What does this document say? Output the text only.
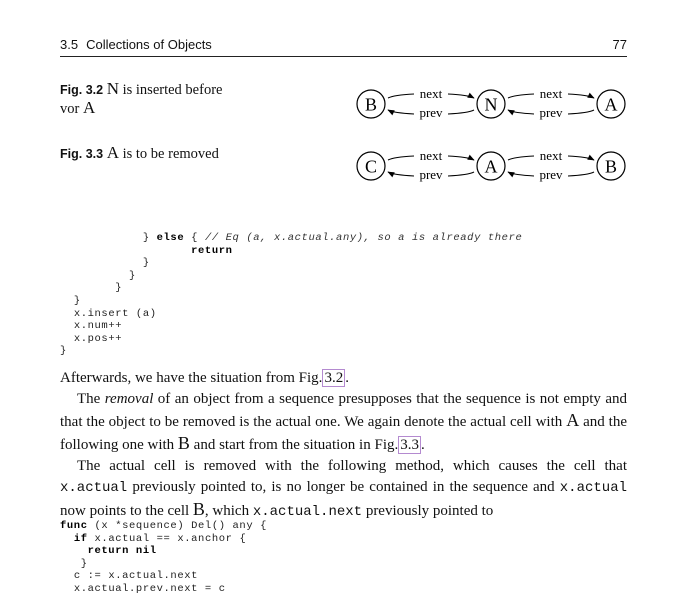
3.5 Collections of Objects	77
Fig. 3.2 N is inserted before vor A	B	N	A
next
prev
next
prev
Fig. 3.3 A is to be removed
C	A	B
next
prev
next
prev
} else { // Eq (a, x.actual.any), so a is already there
return
}
}
}
}
x.insert (a)
x.num++
x.pos++
}

Afterwards, we have the situation from Fig. 3.2 .

The removal of an object from a sequence presupposes that the sequence is not empty and that the object to be removed is the actual one. We again denote the actual cell with A and the following one with B and start from the situation in Fig. 3.3 .

The actual cell is removed with the following method, which causes the cell that x.actual previously pointed to, is no longer be contained in the sequence and x.actual now points to the cell B, which x.actual.next previously pointed to

func (x *sequence) Del() any {
if x.actual == x.anchor {
return nil
}
c := x.actual.next
x.actual.prev.next = c
